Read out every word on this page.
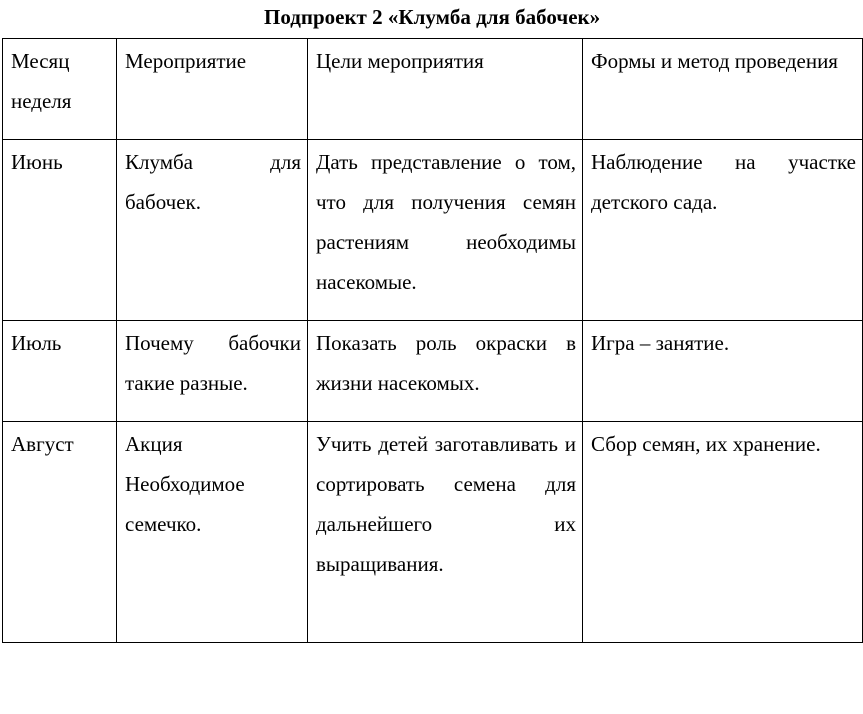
Подпроект 2 «Клумба для бабочек»
Месяц неделя	Мероприятие	Цели мероприятия	Формы и метод проведения
Июнь	Клумба для бабочек.	Дать представление о том, что для получения семян растениям необходимы насекомые.	Наблюдение на участке детского сада.
Июль	Почему бабочки такие разные.	Показать роль окраски в жизни насекомых.	Игра – занятие.
Август	Акция Необходимое семечко.	Учить детей заготавливать и сортировать семена для дальнейшего их выращивания.	Сбор семян, их хранение.
